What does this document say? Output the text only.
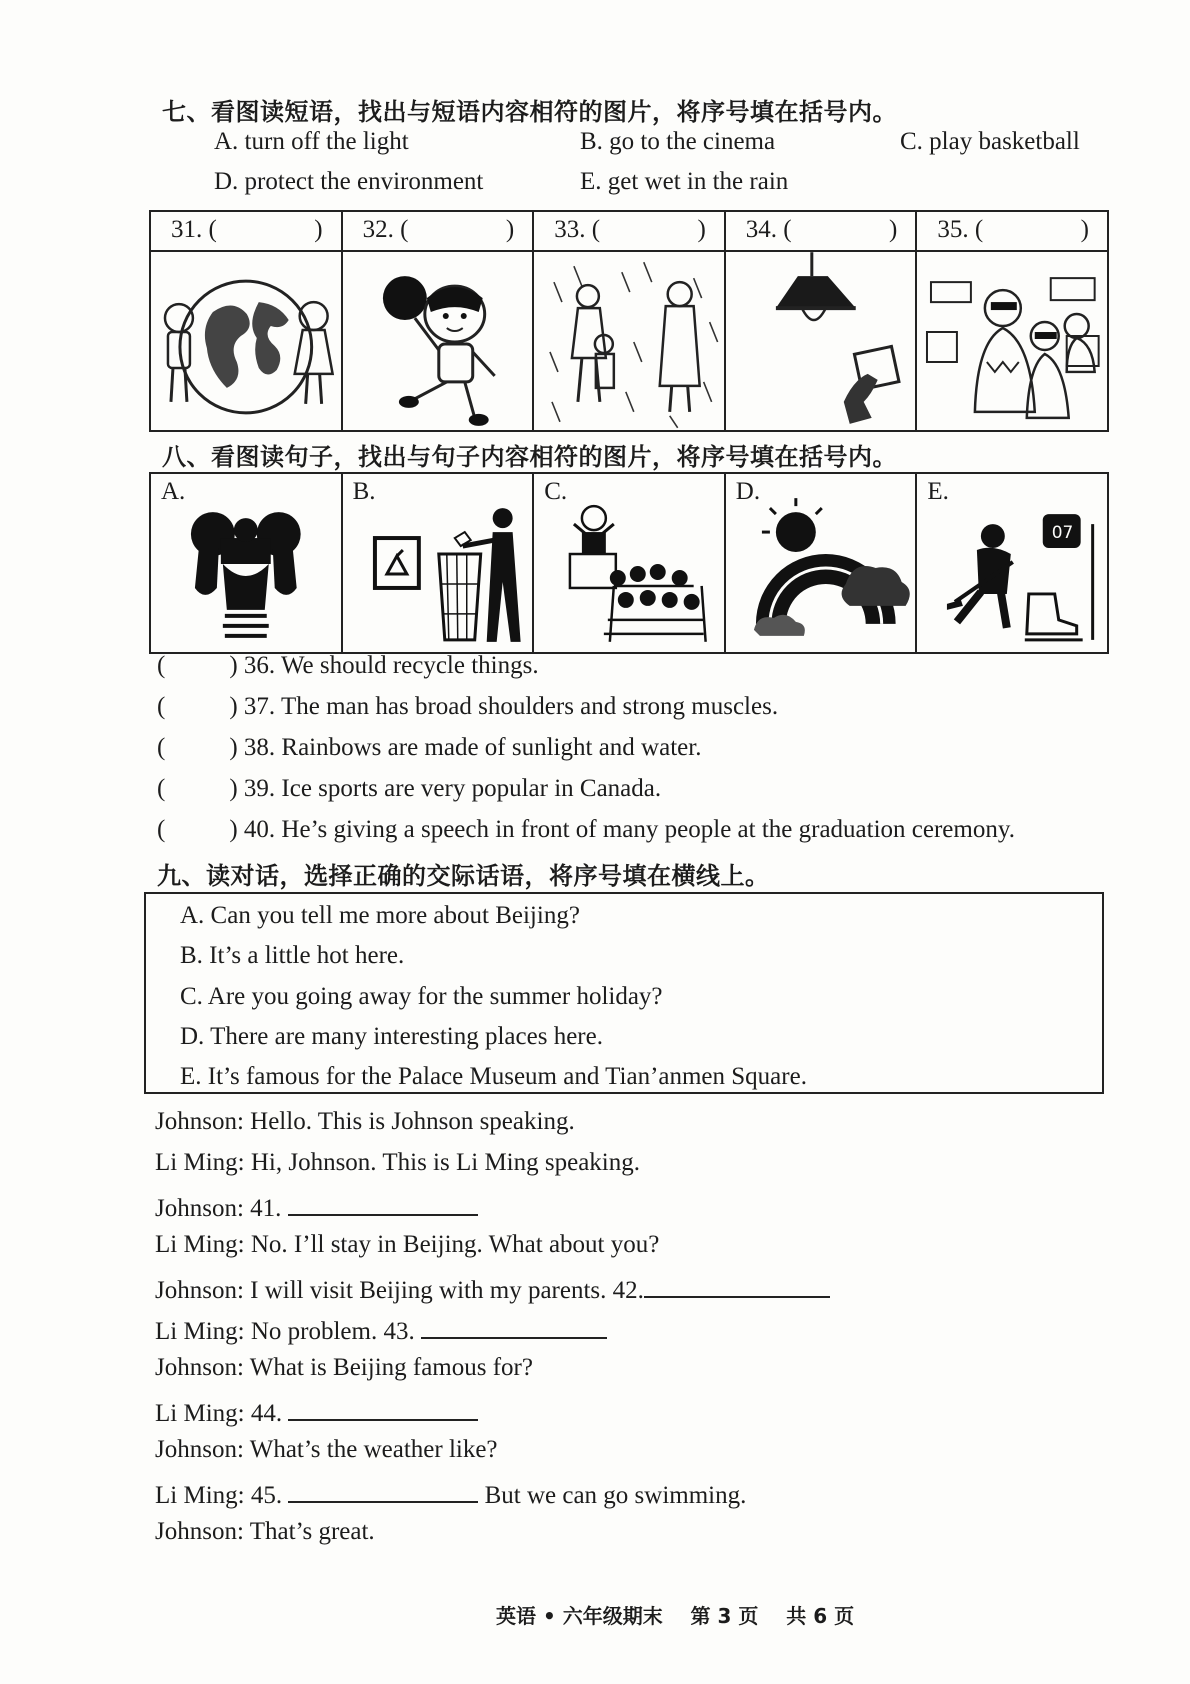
七、看图读短语，找出与短语内容相符的图片，将序号填在括号内。
A. turn off the light	B. go to the cinema	C. play basketball
D. protect the environment	E. get wet in the rain
31. ( )	32. ( )	33. ( )	34. ( )	35. ( )

八、看图读句子，找出与句子内容相符的图片，将序号填在括号内。
A.	B.	C.	D.	E.
07
(	) 36. We should recycle things.
(	) 37. The man has broad shoulders and strong muscles.
(	) 38. Rainbows are made of sunlight and water.
(	) 39. Ice sports are very popular in Canada.
(	) 40. He’s giving a speech in front of many people at the graduation ceremony.
九、读对话，选择正确的交际话语，将序号填在横线上。
A. Can you tell me more about Beijing?
B. It’s a little hot here.
C. Are you going away for the summer holiday?
D. There are many interesting places here.
E. It’s famous for the Palace Museum and Tian’anmen Square.
Johnson: Hello. This is Johnson speaking.
Li Ming: Hi, Johnson. This is Li Ming speaking.
Johnson: 41.
Li Ming: No. I’ll stay in Beijing. What about you?
Johnson: I will visit Beijing with my parents. 42.
Li Ming: No problem. 43.
Johnson: What is Beijing famous for?
Li Ming: 44.
Johnson: What’s the weather like?
Li Ming: 45.	But we can go swimming.
Johnson: That’s great.
英语 • 六年级期末    第 3 页    共 6 页
